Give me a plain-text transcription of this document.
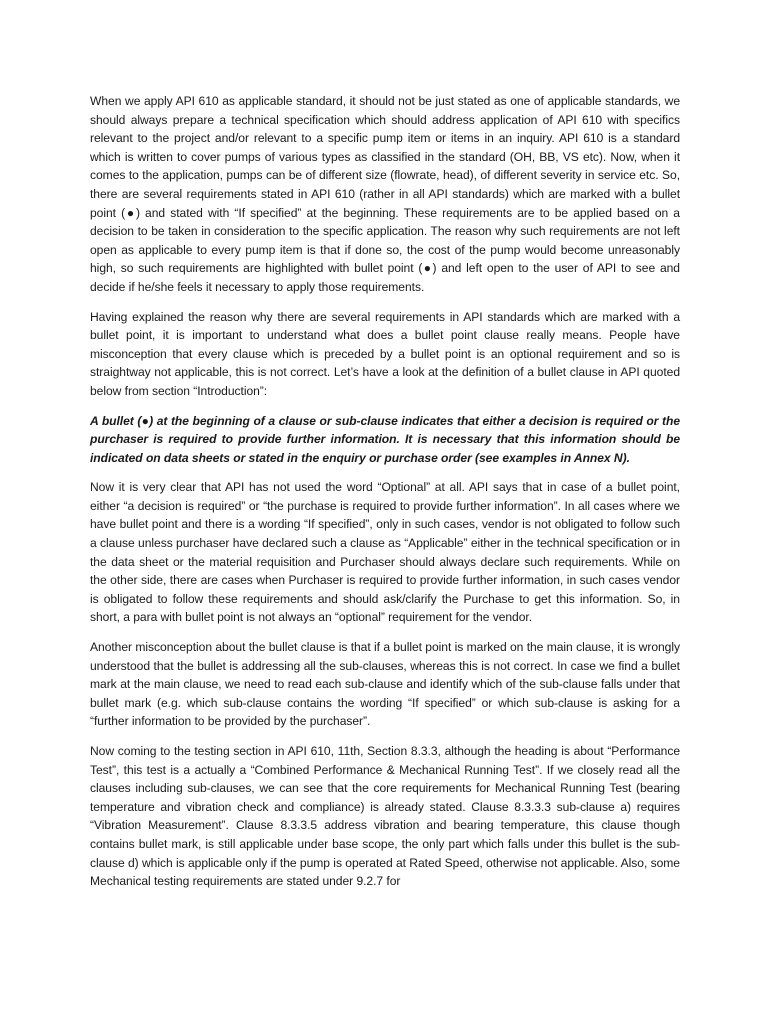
When we apply API 610 as applicable standard, it should not be just stated as one of applicable standards, we should always prepare a technical specification which should address application of API 610 with specifics relevant to the project and/or relevant to a specific pump item or items in an inquiry. API 610 is a standard which is written to cover pumps of various types as classified in the standard (OH, BB, VS etc). Now, when it comes to the application, pumps can be of different size (flowrate, head), of different severity in service etc. So, there are several requirements stated in API 610 (rather in all API standards) which are marked with a bullet point (●) and stated with “If specified” at the beginning. These requirements are to be applied based on a decision to be taken in consideration to the specific application. The reason why such requirements are not left open as applicable to every pump item is that if done so, the cost of the pump would become unreasonably high, so such requirements are highlighted with bullet point (●) and left open to the user of API to see and decide if he/she feels it necessary to apply those requirements.

Having explained the reason why there are several requirements in API standards which are marked with a bullet point, it is important to understand what does a bullet point clause really means. People have misconception that every clause which is preceded by a bullet point is an optional requirement and so is straightway not applicable, this is not correct. Let’s have a look at the definition of a bullet clause in API quoted below from section “Introduction”:

A bullet (●) at the beginning of a clause or sub-clause indicates that either a decision is required or the purchaser is required to provide further information. It is necessary that this information should be indicated on data sheets or stated in the enquiry or purchase order (see examples in Annex N).

Now it is very clear that API has not used the word “Optional” at all. API says that in case of a bullet point, either “a decision is required” or “the purchase is required to provide further information”. In all cases where we have bullet point and there is a wording “If specified”, only in such cases, vendor is not obligated to follow such a clause unless purchaser have declared such a clause as “Applicable” either in the technical specification or in the data sheet or the material requisition and Purchaser should always declare such requirements. While on the other side, there are cases when Purchaser is required to provide further information, in such cases vendor is obligated to follow these requirements and should ask/clarify the Purchase to get this information. So, in short, a para with bullet point is not always an “optional” requirement for the vendor.

Another misconception about the bullet clause is that if a bullet point is marked on the main clause, it is wrongly understood that the bullet is addressing all the sub-clauses, whereas this is not correct. In case we find a bullet mark at the main clause, we need to read each sub-clause and identify which of the sub-clause falls under that bullet mark (e.g. which sub-clause contains the wording “If specified” or which sub-clause is asking for a “further information to be provided by the purchaser”.

Now coming to the testing section in API 610, 11th, Section 8.3.3, although the heading is about “Performance Test”, this test is a actually a “Combined Performance & Mechanical Running Test”. If we closely read all the clauses including sub-clauses, we can see that the core requirements for Mechanical Running Test (bearing temperature and vibration check and compliance) is already stated. Clause 8.3.3.3 sub-clause a) requires “Vibration Measurement”. Clause 8.3.3.5 address vibration and bearing temperature, this clause though contains bullet mark, is still applicable under base scope, the only part which falls under this bullet is the sub-clause d) which is applicable only if the pump is operated at Rated Speed, otherwise not applicable. Also, some Mechanical testing requirements are stated under 9.2.7 for
